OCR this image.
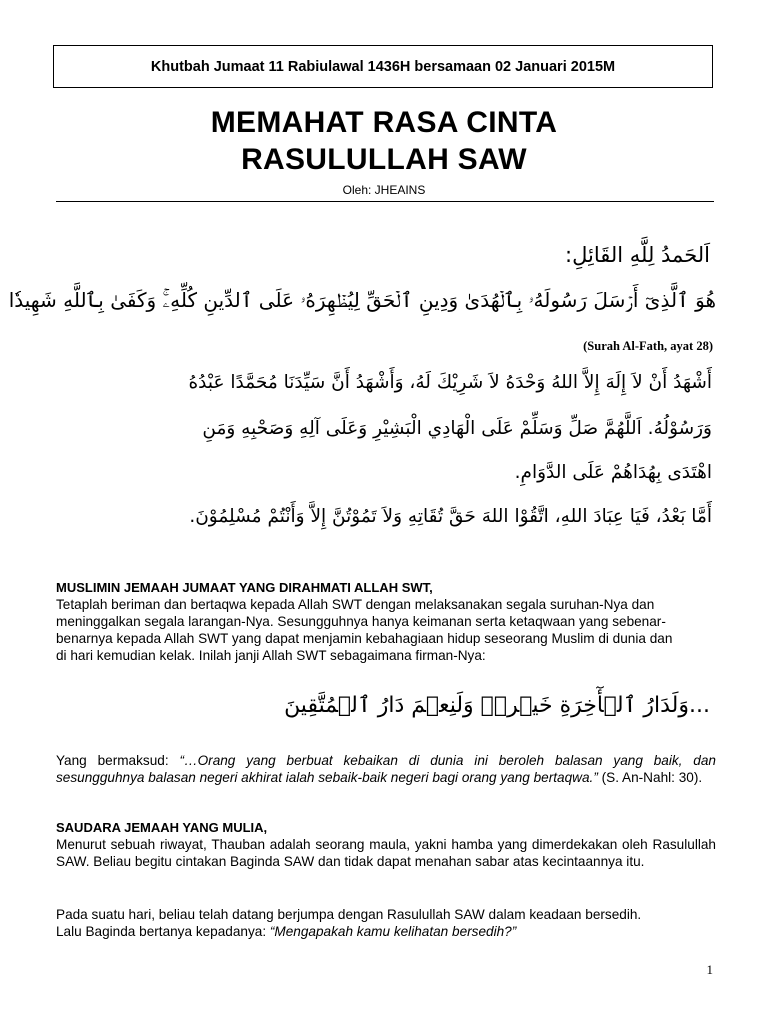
Khutbah Jumaat 11 Rabiulawal 1436H bersamaan 02 Januari 2015M
MEMAHAT RASA CINTA
RASULULLAH SAW
Oleh: JHEAINS
اَلحَمدُ لِلَّهِ القَائِلِ:
هُوَ ٱلَّذِىٓ أَرۡسَلَ رَسُولَهُۥ بِٱلۡهُدَىٰ وَدِينِ ٱلۡحَقِّ لِيُظۡهِرَهُۥ عَلَى ٱلدِّينِ كُلِّهِۦۚ وَكَفَىٰ بِٱللَّهِ شَهِيدٗا
(Surah Al-Fath, ayat 28)
أَشْهَدُ أَنْ لاَ إِلَهَ إِلاَّ اللهُ وَحْدَهُ لاَ شَرِيْكَ لَهُ، وَأَشْهَدُ أَنَّ سَيِّدَنَا مُحَمَّدًا عَبْدُهُ
وَرَسُوْلُهُ. اَللَّهُمَّ صَلِّ وَسَلِّمْ عَلَى الْهَادِي الْبَشِيْرِ وَعَلَى آلِهِ وَصَحْبِهِ وَمَنِ
اهْتَدَى بِهُدَاهُمْ عَلَى الدَّوَامِ.
أَمَّا بَعْدُ، فَيَا عِبَادَ اللهِ، اتَّقُوْا اللهَ حَقَّ تُقَاتِهِ وَلاَ تَمُوْتُنَّ إِلاَّ وَأَنْتُمْ مُسْلِمُوْنَ.
MUSLIMIN JEMAAH JUMAAT YANG DIRAHMATI ALLAH SWT,
Tetaplah beriman dan bertaqwa kepada Allah SWT dengan melaksanakan segala suruhan-Nya dan
meninggalkan segala larangan-Nya. Sesungguhnya hanya keimanan serta ketaqwaan yang sebenar-
benarnya kepada Allah SWT yang dapat menjamin kebahagiaan hidup seseorang Muslim di dunia dan
di hari kemudian kelak. Inilah janji Allah SWT sebagaimana firman-Nya:
...وَلَدَارُ ٱلۡأٓخِرَةِ خَيۡرٞۚ وَلَنِعۡمَ دَارُ ٱلۡمُتَّقِينَ
Yang bermaksud: “…Orang yang berbuat kebaikan di dunia ini beroleh balasan yang baik, dan sesungguhnya balasan negeri akhirat ialah sebaik-baik negeri bagi orang yang bertaqwa.” (S. An-Nahl: 30).
SAUDARA JEMAAH YANG MULIA,
Menurut sebuah riwayat, Thauban adalah seorang maula, yakni hamba yang dimerdekakan oleh Rasulullah SAW. Beliau begitu cintakan Baginda SAW dan tidak dapat menahan sabar atas kecintaannya itu.
Pada suatu hari, beliau telah datang berjumpa dengan Rasulullah SAW dalam keadaan bersedih.
Lalu Baginda bertanya kepadanya: “Mengapakah kamu kelihatan bersedih?”
1
